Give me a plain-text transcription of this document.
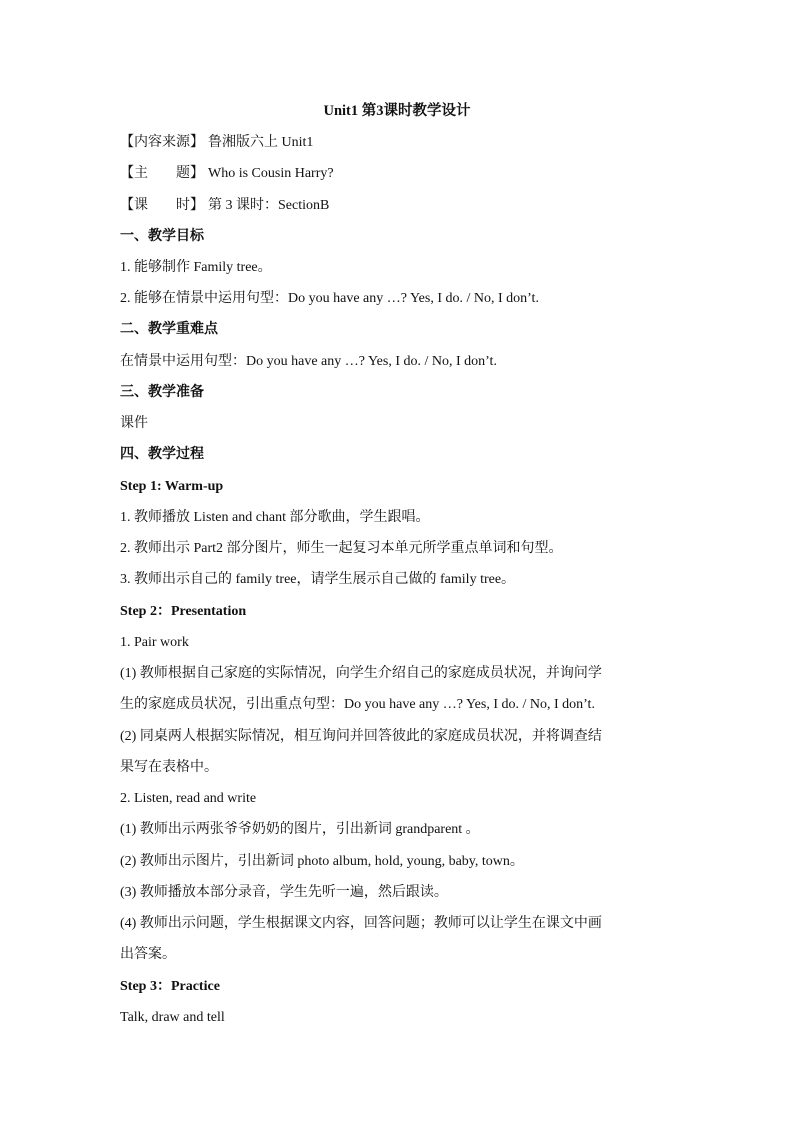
Unit1 第3课时教学设计
【内容来源】 鲁湘版六上 Unit1
【主　　题】 Who is Cousin Harry?
【课　　时】 第 3 课时：SectionB
一、教学目标
1. 能够制作 Family tree。
2. 能够在情景中运用句型：Do you have any …? Yes, I do. / No, I don’t.
二、教学重难点
在情景中运用句型：Do you have any …? Yes, I do. / No, I don’t.
三、教学准备
课件
四、教学过程
Step 1: Warm-up
1. 教师播放 Listen and chant 部分歌曲，学生跟唱。
2. 教师出示 Part2 部分图片，师生一起复习本单元所学重点单词和句型。
3. 教师出示自己的 family tree，请学生展示自己做的 family tree。
Step 2：Presentation
1. Pair work
(1) 教师根据自己家庭的实际情况，向学生介绍自己的家庭成员状况，并询问学
生的家庭成员状况，引出重点句型：Do you have any …? Yes, I do. / No, I don’t.
(2) 同桌两人根据实际情况，相互询问并回答彼此的家庭成员状况，并将调查结
果写在表格中。
2. Listen, read and write
(1) 教师出示两张爷爷奶奶的图片，引出新词 grandparent 。
(2) 教师出示图片，引出新词 photo album, hold, young, baby, town。
(3) 教师播放本部分录音，学生先听一遍，然后跟读。
(4) 教师出示问题，学生根据课文内容，回答问题；教师可以让学生在课文中画
出答案。
Step 3：Practice
Talk, draw and tell
